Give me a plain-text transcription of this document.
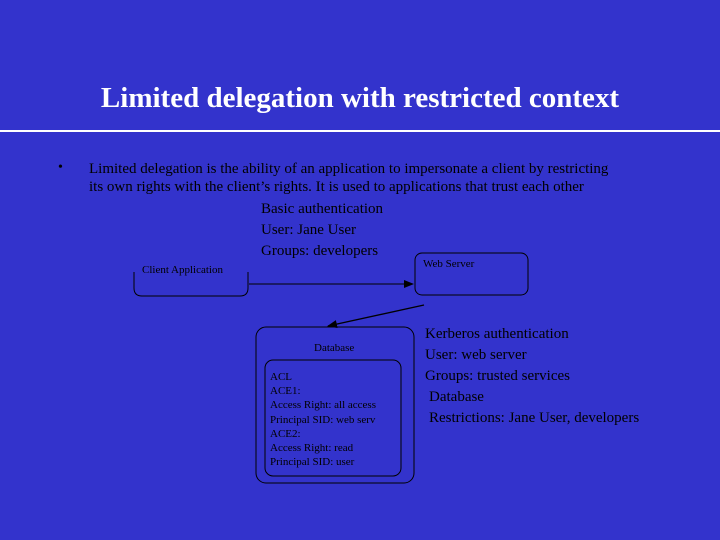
Limited delegation with restricted context
• Limited delegation is the ability of an application to impersonate a client by restricting
its own rights with the client’s rights. It is used to applications that trust each other
Basic authentication
User: Jane User
Groups: developers
Client Application	Web Server
Database
ACL
ACE1:
Access Right: all access
Principal SID: web serv
ACE2:
Access Right: read
Principal SID: user
Kerberos authentication
User: web server
Groups: trusted services
Database
Restrictions: Jane User, developers
